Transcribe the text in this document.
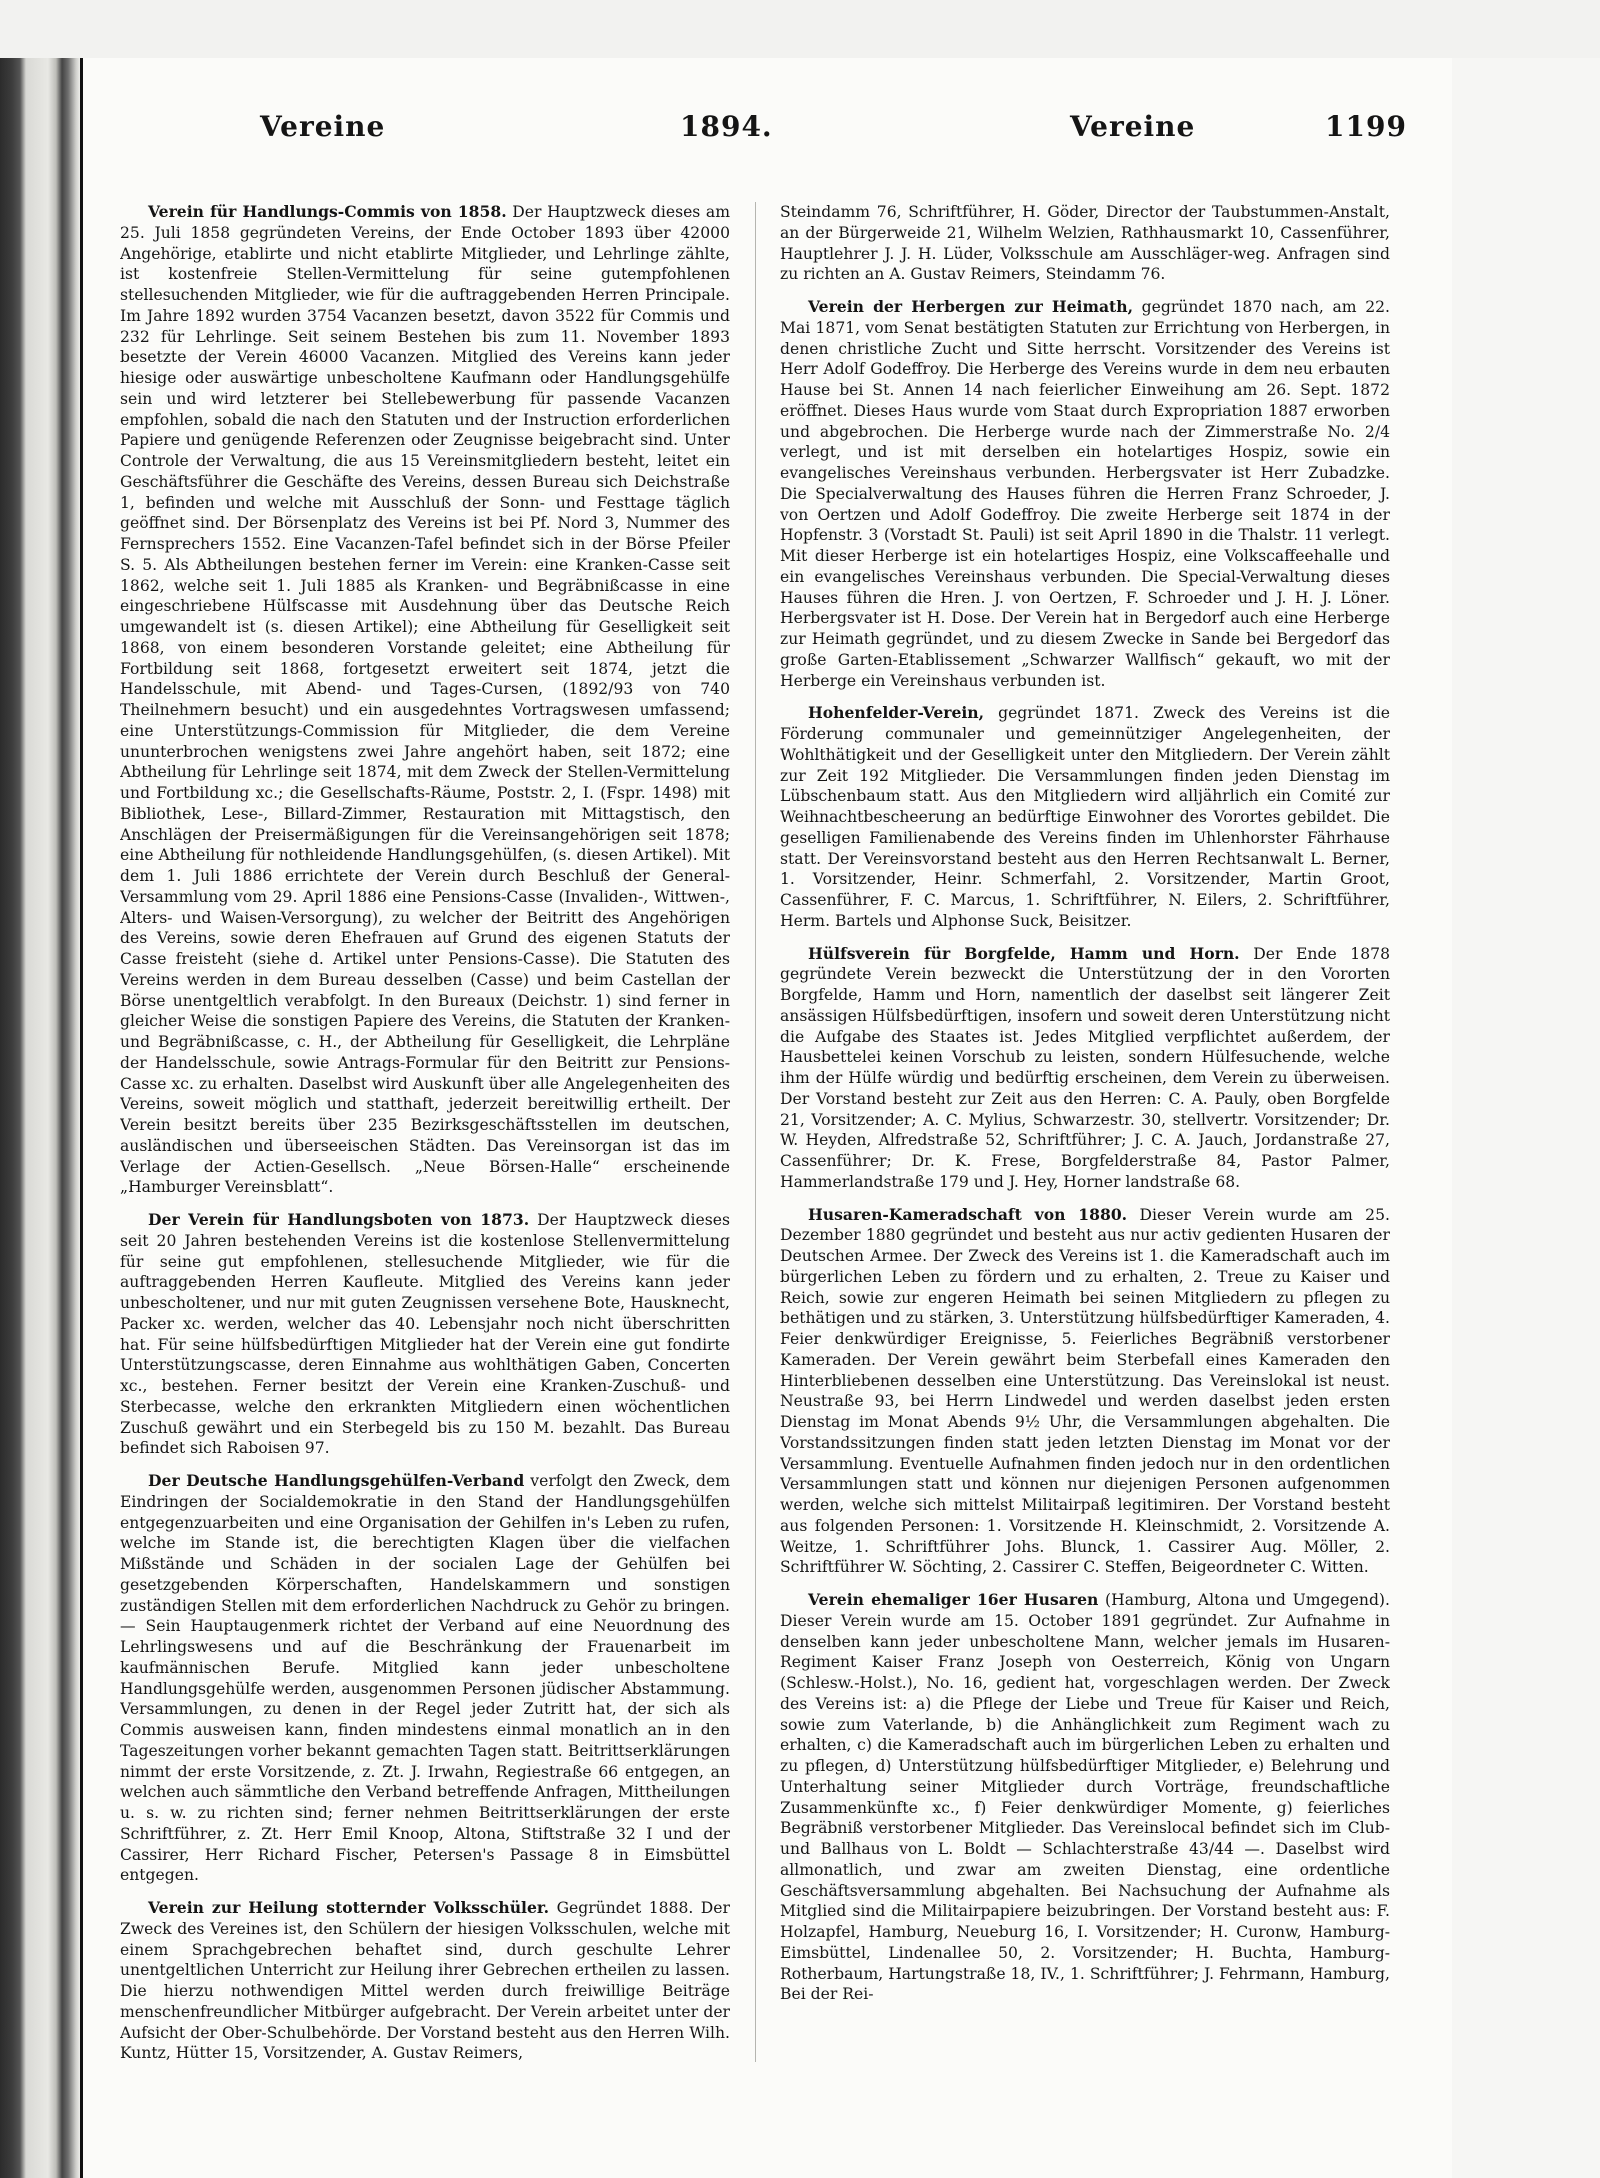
Vereine	1894.	Vereine	1199

Verein für Handlungs-Commis von 1858. Der Hauptzweck dieses am 25. Juli 1858 gegründeten Vereins, der Ende October 1893 über 42000 Angehörige, etablirte und nicht etablirte Mitglieder, und Lehrlinge zählte, ist kostenfreie Stellen-Vermittelung für seine gutempfohlenen stellesuchenden Mitglieder, wie für die auftraggebenden Herren Principale. Im Jahre 1892 wurden 3754 Vacanzen besetzt, davon 3522 für Commis und 232 für Lehrlinge. Seit seinem Bestehen bis zum 11. November 1893 besetzte der Verein 46000 Vacanzen. Mitglied des Vereins kann jeder hiesige oder auswärtige unbescholtene Kaufmann oder Handlungsgehülfe sein und wird letzterer bei Stellebewerbung für passende Vacanzen empfohlen, sobald die nach den Statuten und der Instruction erforderlichen Papiere und genügende Referenzen oder Zeugnisse beigebracht sind. Unter Controle der Verwaltung, die aus 15 Vereinsmitgliedern besteht, leitet ein Geschäftsführer die Geschäfte des Vereins, dessen Bureau sich Deichstraße 1, befinden und welche mit Ausschluß der Sonn- und Festtage täglich geöffnet sind. Der Börsenplatz des Vereins ist bei Pf. Nord 3, Nummer des Fernsprechers 1552. Eine Vacanzen-Tafel befindet sich in der Börse Pfeiler S. 5. Als Abtheilungen bestehen ferner im Verein: eine Kranken-Casse seit 1862, welche seit 1. Juli 1885 als Kranken- und Begräbnißcasse in eine eingeschriebene Hülfscasse mit Ausdehnung über das Deutsche Reich umgewandelt ist (s. diesen Artikel); eine Abtheilung für Geselligkeit seit 1868, von einem besonderen Vorstande geleitet; eine Abtheilung für Fortbildung seit 1868, fortgesetzt erweitert seit 1874, jetzt die Handelsschule, mit Abend- und Tages-Cursen, (1892/93 von 740 Theilnehmern besucht) und ein ausgedehntes Vortragswesen umfassend; eine Unterstützungs-Commission für Mitglieder, die dem Vereine ununterbrochen wenigstens zwei Jahre angehört haben, seit 1872; eine Abtheilung für Lehrlinge seit 1874, mit dem Zweck der Stellen-Vermittelung und Fortbildung xc.; die Gesellschafts-Räume, Poststr. 2, I. (Fspr. 1498) mit Bibliothek, Lese-, Billard-Zimmer, Restauration mit Mittagstisch, den Anschlägen der Preisermäßigungen für die Vereinsangehörigen seit 1878; eine Abtheilung für nothleidende Handlungsgehülfen, (s. diesen Artikel). Mit dem 1. Juli 1886 errichtete der Verein durch Beschluß der General-Versammlung vom 29. April 1886 eine Pensions-Casse (Invaliden-, Wittwen-, Alters- und Waisen-Versorgung), zu welcher der Beitritt des Angehörigen des Vereins, sowie deren Ehefrauen auf Grund des eigenen Statuts der Casse freisteht (siehe d. Artikel unter Pensions-Casse). Die Statuten des Vereins werden in dem Bureau desselben (Casse) und beim Castellan der Börse unentgeltlich verabfolgt. In den Bureaux (Deichstr. 1) sind ferner in gleicher Weise die sonstigen Papiere des Vereins, die Statuten der Kranken- und Begräbnißcasse, c. H., der Abtheilung für Geselligkeit, die Lehrpläne der Handelsschule, sowie Antrags-Formular für den Beitritt zur Pensions-Casse xc. zu erhalten. Daselbst wird Auskunft über alle Angelegenheiten des Vereins, soweit möglich und statthaft, jederzeit bereitwillig ertheilt. Der Verein besitzt bereits über 235 Bezirksgeschäftsstellen im deutschen, ausländischen und überseeischen Städten. Das Vereinsorgan ist das im Verlage der Actien-Gesellsch. „Neue Börsen-Halle“ erscheinende „Hamburger Vereinsblatt“.

Der Verein für Handlungsboten von 1873. Der Hauptzweck dieses seit 20 Jahren bestehenden Vereins ist die kostenlose Stellenvermittelung für seine gut empfohlenen, stellesuchende Mitglieder, wie für die auftraggebenden Herren Kaufleute. Mitglied des Vereins kann jeder unbescholtener, und nur mit guten Zeugnissen versehene Bote, Hausknecht, Packer xc. werden, welcher das 40. Lebensjahr noch nicht überschritten hat. Für seine hülfsbedürftigen Mitglieder hat der Verein eine gut fondirte Unterstützungscasse, deren Einnahme aus wohlthätigen Gaben, Concerten xc., bestehen. Ferner besitzt der Verein eine Kranken-Zuschuß- und Sterbecasse, welche den erkrankten Mitgliedern einen wöchentlichen Zuschuß gewährt und ein Sterbegeld bis zu 150 M. bezahlt. Das Bureau befindet sich Raboisen 97.

Der Deutsche Handlungsgehülfen-Verband verfolgt den Zweck, dem Eindringen der Socialdemokratie in den Stand der Handlungsgehülfen entgegenzuarbeiten und eine Organisation der Gehilfen in's Leben zu rufen, welche im Stande ist, die berechtigten Klagen über die vielfachen Mißstände und Schäden in der socialen Lage der Gehülfen bei gesetzgebenden Körperschaften, Handelskammern und sonstigen zuständigen Stellen mit dem erforderlichen Nachdruck zu Gehör zu bringen. — Sein Hauptaugenmerk richtet der Verband auf eine Neuordnung des Lehrlingswesens und auf die Beschränkung der Frauenarbeit im kaufmännischen Berufe. Mitglied kann jeder unbescholtene Handlungsgehülfe werden, ausgenommen Personen jüdischer Abstammung. Versammlungen, zu denen in der Regel jeder Zutritt hat, der sich als Commis ausweisen kann, finden mindestens einmal monatlich an in den Tageszeitungen vorher bekannt gemachten Tagen statt. Beitrittserklärungen nimmt der erste Vorsitzende, z. Zt. J. Irwahn, Regiestraße 66 entgegen, an welchen auch sämmtliche den Verband betreffende Anfragen, Mittheilungen u. s. w. zu richten sind; ferner nehmen Beitrittserklärungen der erste Schriftführer, z. Zt. Herr Emil Knoop, Altona, Stiftstraße 32 I und der Cassirer, Herr Richard Fischer, Petersen's Passage 8 in Eimsbüttel entgegen.

Verein zur Heilung stotternder Volksschüler. Gegründet 1888. Der Zweck des Vereines ist, den Schülern der hiesigen Volksschulen, welche mit einem Sprachgebrechen behaftet sind, durch geschulte Lehrer unentgeltlichen Unterricht zur Heilung ihrer Gebrechen ertheilen zu lassen. Die hierzu nothwendigen Mittel werden durch freiwillige Beiträge menschenfreundlicher Mitbürger aufgebracht. Der Verein arbeitet unter der Aufsicht der Ober-Schulbehörde. Der Vorstand besteht aus den Herren Wilh. Kuntz, Hütter 15, Vorsitzender, A. Gustav Reimers,

Steindamm 76, Schriftführer, H. Göder, Director der Taubstummen-Anstalt, an der Bürgerweide 21, Wilhelm Welzien, Rathhausmarkt 10, Cassenführer, Hauptlehrer J. J. H. Lüder, Volksschule am Ausschläger-weg. Anfragen sind zu richten an A. Gustav Reimers, Steindamm 76.

Verein der Herbergen zur Heimath, gegründet 1870 nach, am 22. Mai 1871, vom Senat bestätigten Statuten zur Errichtung von Herbergen, in denen christliche Zucht und Sitte herrscht. Vorsitzender des Vereins ist Herr Adolf Godeffroy. Die Herberge des Vereins wurde in dem neu erbauten Hause bei St. Annen 14 nach feierlicher Einweihung am 26. Sept. 1872 eröffnet. Dieses Haus wurde vom Staat durch Expropriation 1887 erworben und abgebrochen. Die Herberge wurde nach der Zimmerstraße No. 2/4 verlegt, und ist mit derselben ein hotelartiges Hospiz, sowie ein evangelisches Vereinshaus verbunden. Herbergsvater ist Herr Zubadzke. Die Specialverwaltung des Hauses führen die Herren Franz Schroeder, J. von Oertzen und Adolf Godeffroy. Die zweite Herberge seit 1874 in der Hopfenstr. 3 (Vorstadt St. Pauli) ist seit April 1890 in die Thalstr. 11 verlegt. Mit dieser Herberge ist ein hotelartiges Hospiz, eine Volkscaffeehalle und ein evangelisches Vereinshaus verbunden. Die Special-Verwaltung dieses Hauses führen die Hren. J. von Oertzen, F. Schroeder und J. H. J. Löner. Herbergsvater ist H. Dose. Der Verein hat in Bergedorf auch eine Herberge zur Heimath gegründet, und zu diesem Zwecke in Sande bei Bergedorf das große Garten-Etablissement „Schwarzer Wallfisch“ gekauft, wo mit der Herberge ein Vereinshaus verbunden ist.

Hohenfelder-Verein, gegründet 1871. Zweck des Vereins ist die Förderung communaler und gemeinnütziger Angelegenheiten, der Wohlthätigkeit und der Geselligkeit unter den Mitgliedern. Der Verein zählt zur Zeit 192 Mitglieder. Die Versammlungen finden jeden Dienstag im Lübschenbaum statt. Aus den Mitgliedern wird alljährlich ein Comité zur Weihnachtbescheerung an bedürftige Einwohner des Vorortes gebildet. Die geselligen Familienabende des Vereins finden im Uhlenhorster Fährhause statt. Der Vereinsvorstand besteht aus den Herren Rechtsanwalt L. Berner, 1. Vorsitzender, Heinr. Schmerfahl, 2. Vorsitzender, Martin Groot, Cassenführer, F. C. Marcus, 1. Schriftführer, N. Eilers, 2. Schriftführer, Herm. Bartels und Alphonse Suck, Beisitzer.

Hülfsverein für Borgfelde, Hamm und Horn. Der Ende 1878 gegründete Verein bezweckt die Unterstützung der in den Vororten Borgfelde, Hamm und Horn, namentlich der daselbst seit längerer Zeit ansässigen Hülfsbedürftigen, insofern und soweit deren Unterstützung nicht die Aufgabe des Staates ist. Jedes Mitglied verpflichtet außerdem, der Hausbettelei keinen Vorschub zu leisten, sondern Hülfesuchende, welche ihm der Hülfe würdig und bedürftig erscheinen, dem Verein zu überweisen. Der Vorstand besteht zur Zeit aus den Herren: C. A. Pauly, oben Borgfelde 21, Vorsitzender; A. C. Mylius, Schwarzestr. 30, stellvertr. Vorsitzender; Dr. W. Heyden, Alfredstraße 52, Schriftführer; J. C. A. Jauch, Jordanstraße 27, Cassenführer; Dr. K. Frese, Borgfelderstraße 84, Pastor Palmer, Hammerlandstraße 179 und J. Hey, Horner landstraße 68.

Husaren-Kameradschaft von 1880. Dieser Verein wurde am 25. Dezember 1880 gegründet und besteht aus nur activ gedienten Husaren der Deutschen Armee. Der Zweck des Vereins ist 1. die Kameradschaft auch im bürgerlichen Leben zu fördern und zu erhalten, 2. Treue zu Kaiser und Reich, sowie zur engeren Heimath bei seinen Mitgliedern zu pflegen zu bethätigen und zu stärken, 3. Unterstützung hülfsbedürftiger Kameraden, 4. Feier denkwürdiger Ereignisse, 5. Feierliches Begräbniß verstorbener Kameraden. Der Verein gewährt beim Sterbefall eines Kameraden den Hinterbliebenen desselben eine Unterstützung. Das Vereinslokal ist neust. Neustraße 93, bei Herrn Lindwedel und werden daselbst jeden ersten Dienstag im Monat Abends 9½ Uhr, die Versammlungen abgehalten. Die Vorstandssitzungen finden statt jeden letzten Dienstag im Monat vor der Versammlung. Eventuelle Aufnahmen finden jedoch nur in den ordentlichen Versammlungen statt und können nur diejenigen Personen aufgenommen werden, welche sich mittelst Militairpaß legitimiren. Der Vorstand besteht aus folgenden Personen: 1. Vorsitzende H. Kleinschmidt, 2. Vorsitzende A. Weitze, 1. Schriftführer Johs. Blunck, 1. Cassirer Aug. Möller, 2. Schriftführer W. Söchting, 2. Cassirer C. Steffen, Beigeordneter C. Witten.

Verein ehemaliger 16er Husaren (Hamburg, Altona und Umgegend). Dieser Verein wurde am 15. October 1891 gegründet. Zur Aufnahme in denselben kann jeder unbescholtene Mann, welcher jemals im Husaren-Regiment Kaiser Franz Joseph von Oesterreich, König von Ungarn (Schlesw.-Holst.), No. 16, gedient hat, vorgeschlagen werden. Der Zweck des Vereins ist: a) die Pflege der Liebe und Treue für Kaiser und Reich, sowie zum Vaterlande, b) die Anhänglichkeit zum Regiment wach zu erhalten, c) die Kameradschaft auch im bürgerlichen Leben zu erhalten und zu pflegen, d) Unterstützung hülfsbedürftiger Mitglieder, e) Belehrung und Unterhaltung seiner Mitglieder durch Vorträge, freundschaftliche Zusammenkünfte xc., f) Feier denkwürdiger Momente, g) feierliches Begräbniß verstorbener Mitglieder. Das Vereinslocal befindet sich im Club- und Ballhaus von L. Boldt — Schlachterstraße 43/44 —. Daselbst wird allmonatlich, und zwar am zweiten Dienstag, eine ordentliche Geschäftsversammlung abgehalten. Bei Nachsuchung der Aufnahme als Mitglied sind die Militairpapiere beizubringen. Der Vorstand besteht aus: F. Holzapfel, Hamburg, Neueburg 16, I. Vorsitzender; H. Curonw, Hamburg-Eimsbüttel, Lindenallee 50, 2. Vorsitzender; H. Buchta, Hamburg-Rotherbaum, Hartungstraße 18, IV., 1. Schriftführer; J. Fehrmann, Hamburg, Bei der Rei-
